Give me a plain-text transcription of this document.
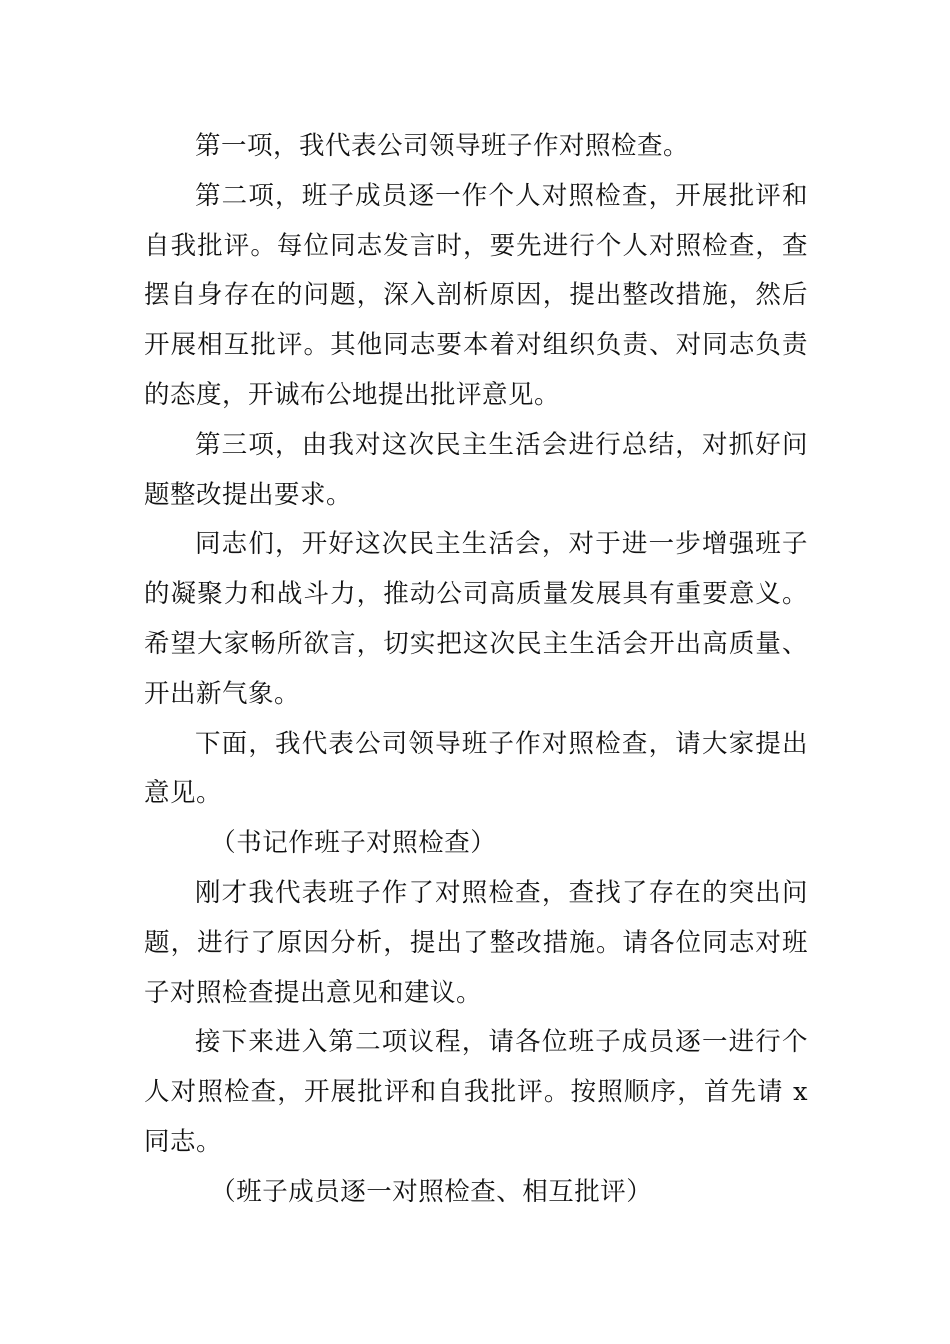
第一项，我代表公司领导班子作对照检查。

第二项，班子成员逐一作个人对照检查，开展批评和自我批评。每位同志发言时，要先进行个人对照检查，查摆自身存在的问题，深入剖析原因，提出整改措施，然后开展相互批评。其他同志要本着对组织负责、对同志负责的态度，开诚布公地提出批评意见。

第三项，由我对这次民主生活会进行总结，对抓好问题整改提出要求。

同志们，开好这次民主生活会，对于进一步增强班子的凝聚力和战斗力，推动公司高质量发展具有重要意义。希望大家畅所欲言，切实把这次民主生活会开出高质量、开出新气象。

下面，我代表公司领导班子作对照检查，请大家提出意见。

（书记作班子对照检查）

刚才我代表班子作了对照检查，查找了存在的突出问题，进行了原因分析，提出了整改措施。请各位同志对班子对照检查提出意见和建议。

接下来进入第二项议程，请各位班子成员逐一进行个人对照检查，开展批评和自我批评。按照顺序，首先请 x 同志。

（班子成员逐一对照检查、相互批评）
